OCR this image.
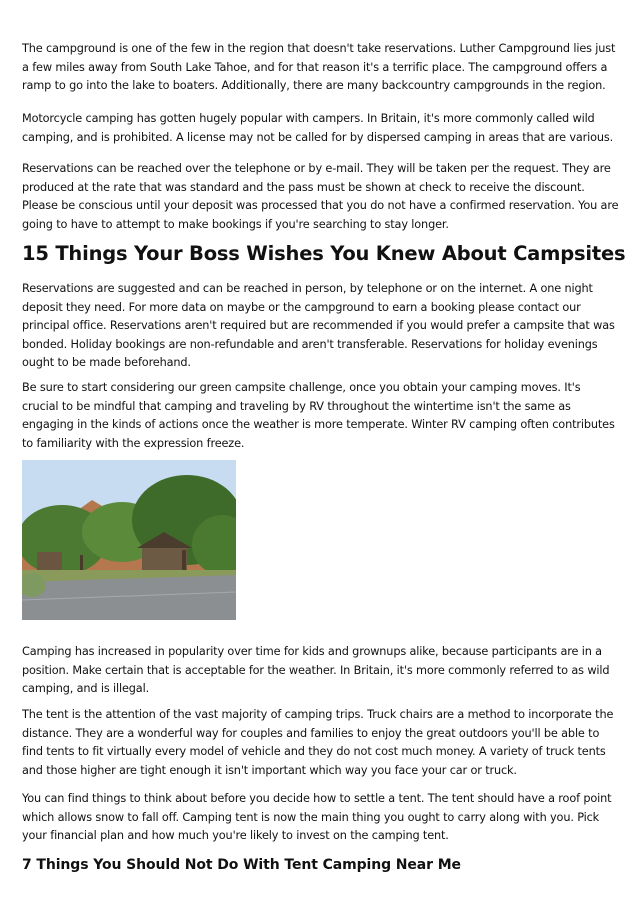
The campground is one of the few in the region that doesn't take reservations. Luther Campground lies just a few miles away from South Lake Tahoe, and for that reason it's a terrific place. The campground offers a ramp to go into the lake to boaters. Additionally, there are many backcountry campgrounds in the region.

Motorcycle camping has gotten hugely popular with campers. In Britain, it's more commonly called wild camping, and is prohibited. A license may not be called for by dispersed camping in areas that are various.

Reservations can be reached over the telephone or by e-mail. They will be taken per the request. They are produced at the rate that was standard and the pass must be shown at check to receive the discount. Please be conscious until your deposit was processed that you do not have a confirmed reservation. You are going to have to attempt to make bookings if you're searching to stay longer.

15 Things Your Boss Wishes You Knew About Campsites

Reservations are suggested and can be reached in person, by telephone or on the internet. A one night deposit they need. For more data on maybe or the campground to earn a booking please contact our principal office. Reservations aren't required but are recommended if you would prefer a campsite that was bonded. Holiday bookings are non-refundable and aren't transferable. Reservations for holiday evenings ought to be made beforehand.

Be sure to start considering our green campsite challenge, once you obtain your camping moves. It's crucial to be mindful that camping and traveling by RV throughout the wintertime isn't the same as engaging in the kinds of actions once the weather is more temperate. Winter RV camping often contributes to familiarity with the expression freeze.

Camping has increased in popularity over time for kids and grownups alike, because participants are in a position. Make certain that is acceptable for the weather. In Britain, it's more commonly referred to as wild camping, and is illegal.

The tent is the attention of the vast majority of camping trips. Truck chairs are a method to incorporate the distance. They are a wonderful way for couples and families to enjoy the great outdoors you'll be able to find tents to fit virtually every model of vehicle and they do not cost much money. A variety of truck tents and those higher are tight enough it isn't important which way you face your car or truck.

You can find things to think about before you decide how to settle a tent. The tent should have a roof point which allows snow to fall off. Camping tent is now the main thing you ought to carry along with you. Pick your financial plan and how much you're likely to invest on the camping tent.

7 Things You Should Not Do With Tent Camping Near Me
